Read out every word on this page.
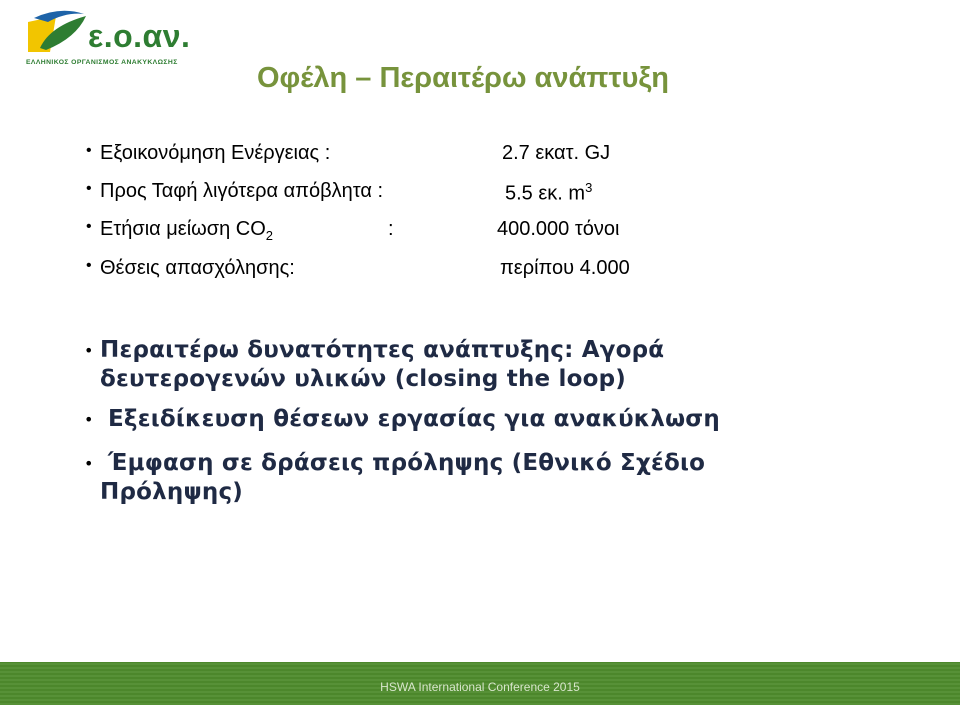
ε.ο.αν.
ΕΛΛΗΝΙΚΟΣ ΟΡΓΑΝΙΣΜΟΣ ΑΝΑΚΥΚΛΩΣΗΣ	Οφέλη – Περαιτέρω ανάπτυξη
• Εξοικονόμηση Ενέργειας :	2.7 εκατ. GJ
• Προς Ταφή λιγότερα απόβλητα :	5.5 εκ. $m^3$
• Ετήσια μείωση $CO_2$	:	400.000 τόνοι
• Θέσεις απασχόλησης:	περίπου 4.000
• Περαιτέρω δυνατότητες ανάπτυξης: Αγορά
δευτερογενών υλικών (closing the loop)
• Εξειδίκευση θέσεων εργασίας για ανακύκλωση
• Έμφαση σε δράσεις πρόληψης (Εθνικό Σχέδιο
Πρόληψης)
HSWA International Conference 2015
